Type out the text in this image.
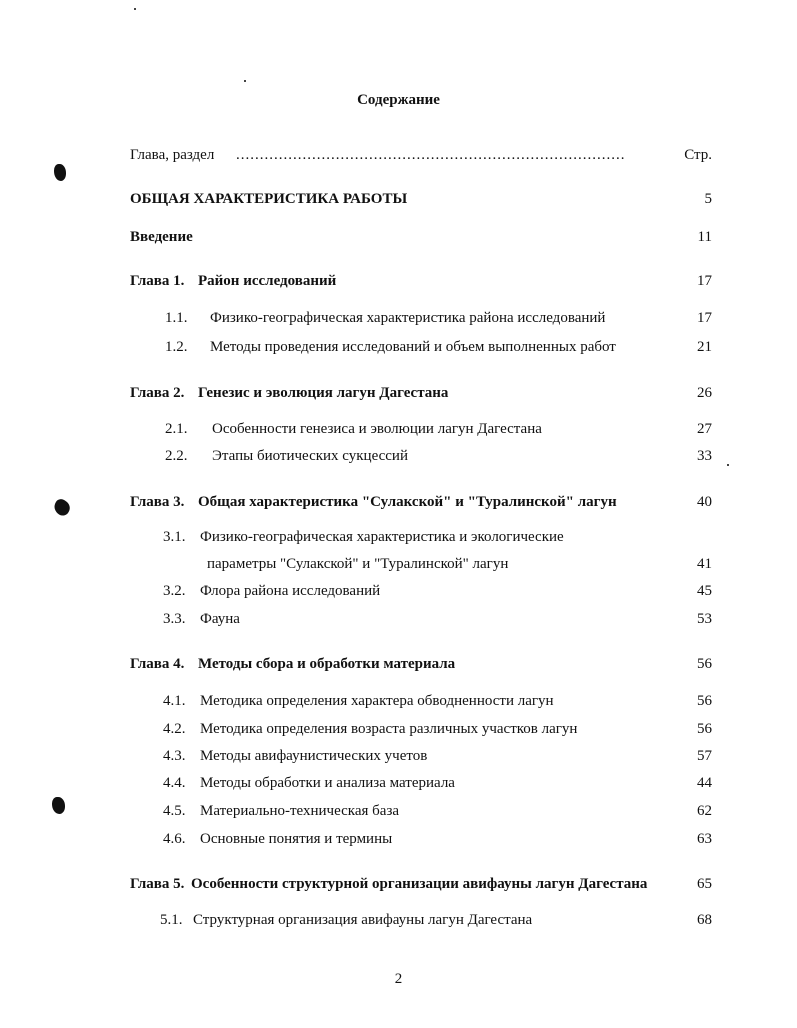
Содержание
Глава, раздел ..................................................................................	Стр.
ОБЩАЯ ХАРАКТЕРИСТИКА РАБОТЫ	5
Введение	11
Глава 1. Район исследований	17
1.1. Физико-географическая характеристика района исследований	17
1.2. Методы проведения исследований и объем выполненных работ	21
Глава 2. Генезис и эволюция лагун Дагестана	26
2.1. Особенности генезиса и эволюции лагун Дагестана	27
2.2. Этапы биотических сукцессий	33
Глава 3. Общая характеристика "Сулакской" и "Туралинской" лагун	40
3.1. Физико-географическая характеристика и экологические
параметры "Сулакской" и "Туралинской" лагун	41
3.2. Флора района исследований	45
3.3. Фауна	53
Глава 4. Методы сбора и обработки материала	56
4.1. Методика определения характера обводненности лагун	56
4.2. Методика определения возраста различных участков лагун	56
4.3. Методы авифаунистических учетов	57
4.4. Методы обработки и анализа материала	44
4.5. Материально-техническая база	62
4.6. Основные понятия и термины	63
Глава 5. Особенности структурной организации авифауны лагун Дагестана	65
5.1. Структурная организация авифауны лагун Дагестана	68
2
